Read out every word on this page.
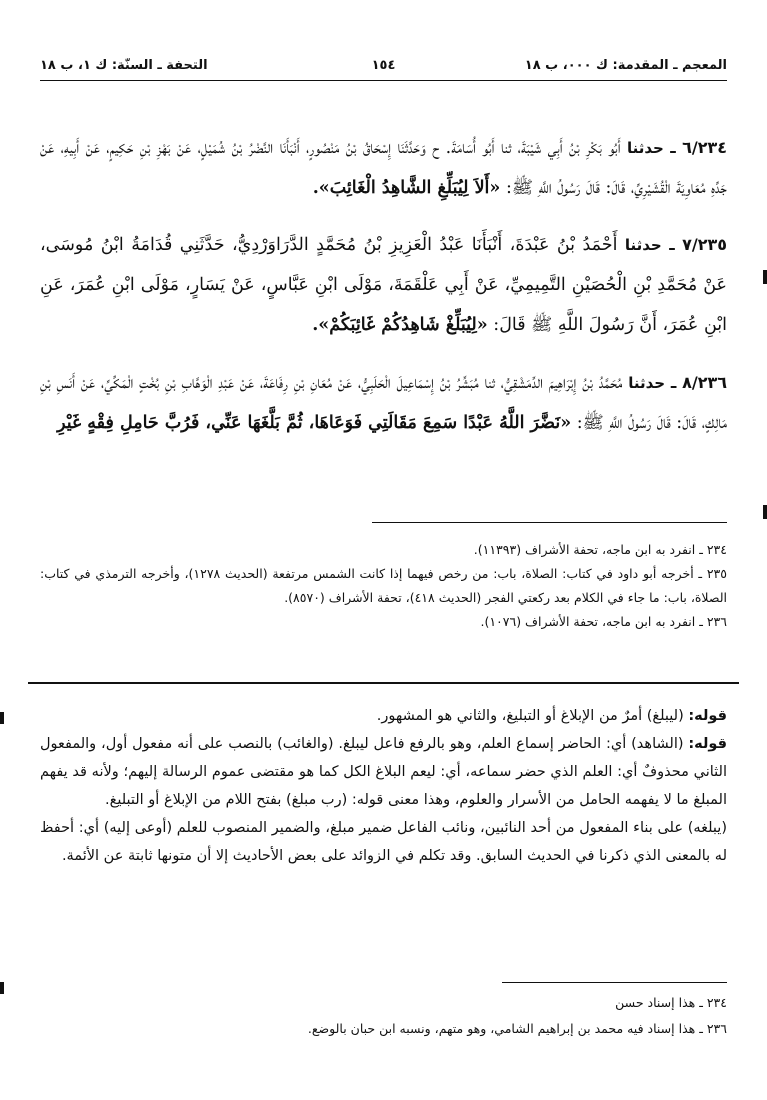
المعجم ـ المقدمة: ك ٠٠٠، ب ١٨
١٥٤
التحفة ـ السنّة: ك ١، ب ١٨

٦/٢٣٤ ـ حدثنا أَبُو بَكْرِ بْنُ أَبِي شَيْبَةَ، ثنا أَبُو أُسَامَةَ. ح وَحَدَّثَنَا إِسْحَاقُ بْنُ مَنْصُورٍ، أَنْبَأَنَا النَّضْرُ بْنُ شُمَيْلٍ، عَنْ بَهْزِ بْنِ حَكِيمٍ، عَنْ أَبِيهِ، عَنْ جَدِّهِ مُعَاوِيَةَ الْقُشَيْرِيِّ، قَالَ: قَالَ رَسُولُ اللَّهِ ﷺ: «أَلاَ لِيُبَلِّغِ الشَّاهِدُ الْغَائِبَ».

٧/٢٣٥ ـ حدثنا أَحْمَدُ بْنُ عَبْدَةَ، أَنْبَأَنَا عَبْدُ الْعَزِيزِ بْنُ مُحَمَّدٍ الدَّرَاوَرْدِيُّ، حَدَّثَنِي قُدَامَةُ ابْنُ مُوسَى، عَنْ مُحَمَّدِ بْنِ الْحُصَيْنِ التَّمِيمِيِّ، عَنْ أَبِي عَلْقَمَةَ، مَوْلَى ابْنِ عَبَّاسٍ، عَنْ يَسَارٍ، مَوْلَى ابْنِ عُمَرَ، عَنِ ابْنِ عُمَرَ، أَنَّ رَسُولَ اللَّهِ ﷺ قَالَ: «لِيُبَلِّغْ شَاهِدُكُمْ غَائِبَكُمْ».

٨/٢٣٦ ـ حدثنا مُحَمَّدُ بْنُ إِبْرَاهِيمَ الدِّمَشْقِيُّ، ثنا مُبَشِّرُ بْنُ إِسْمَاعِيلَ الْحَلَبِيُّ، عَنْ مُعَانِ بْنِ رِفَاعَةَ، عَنْ عَبْدِ الْوَهَّابِ بْنِ بُخْتٍ الْمَكِّيِّ، عَنْ أَنَسِ بْنِ مَالِكٍ، قَالَ: قَالَ رَسُولُ اللَّهِ ﷺ: «نَضَّرَ اللَّهُ عَبْدًا سَمِعَ مَقَالَتِي فَوَعَاهَا، ثُمَّ بَلَّغَهَا عَنِّي، فَرُبَّ حَامِلِ فِقْهٍ غَيْرِ

٢٣٤ ـ انفرد به ابن ماجه، تحفة الأشراف (١١٣٩٣).

٢٣٥ ـ أخرجه أبو داود في كتاب: الصلاة، باب: من رخص فيهما إذا كانت الشمس مرتفعة (الحديث ١٢٧٨)، وأخرجه الترمذي في كتاب: الصلاة، باب: ما جاء في الكلام بعد ركعتي الفجر (الحديث ٤١٨)، تحفة الأشراف (٨٥٧٠).

٢٣٦ ـ انفرد به ابن ماجه، تحفة الأشراف (١٠٧٦).

قوله: (ليبلغ) أمرٌ من الإبلاغ أو التبليغ، والثاني هو المشهور.

قوله: (الشاهد) أي: الحاضر إسماع العلم، وهو بالرفع فاعل ليبلغ. (والغائب) بالنصب على أنه مفعول أول، والمفعول الثاني محذوفٌ أي: العلم الذي حضر سماعه، أي: ليعم البلاغ الكل كما هو مقتضى عموم الرسالة إليهم؛ ولأنه قد يفهم المبلغ ما لا يفهمه الحامل من الأسرار والعلوم، وهذا معنى قوله: (رب مبلغ) بفتح اللام من الإبلاغ أو التبليغ.

(يبلغه) على بناء المفعول من أحد النائبين، ونائب الفاعل ضمير مبلغ، والضمير المنصوب للعلم (أوعى إليه) أي: أحفظ له بالمعنى الذي ذكرنا في الحديث السابق. وقد تكلم في الزوائد على بعض الأحاديث إلا أن متونها ثابتة عن الأئمة.

٢٣٤ ـ هذا إسناد حسن

٢٣٦ ـ هذا إسناد فيه محمد بن إبراهيم الشامي، وهو متهم، ونسبه ابن حبان بالوضع.
